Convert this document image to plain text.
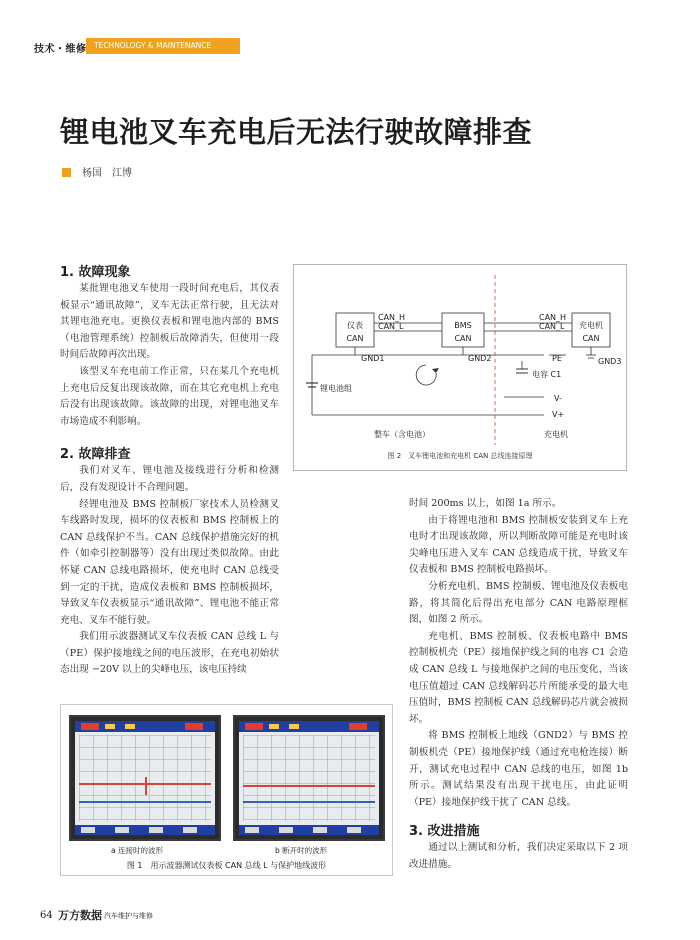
技术・维修	TECHNOLOGY & MAINTENANCE
锂电池叉车充电后无法行驶故障排查
杨国　江博
1. 故障现象

某批锂电池叉车使用一段时间充电后，其仪表板显示“通讯故障”，叉车无法正常行驶，且无法对其锂电池充电。更换仪表板和锂电池内部的 BMS（电池管理系统）控制板后故障消失，但使用一段时间后故障再次出现。

该型叉车充电前工作正常，只在某几个充电机上充电后反复出现该故障，而在其它充电机上充电后没有出现该故障。该故障的出现，对锂电池叉车市场造成不利影响。

2. 故障排查

我们对叉车、锂电池及接线进行分析和检测后，没有发现设计不合理问题。

经锂电池及 BMS 控制板厂家技术人员检测叉车线路时发现，损坏的仪表板和 BMS 控制板上的 CAN 总线保护不当。CAN 总线保护措施完好的机件（如牵引控制器等）没有出现过类似故障。由此怀疑 CAN 总线电路损坏，使充电时 CAN 总线受到一定的干扰，造成仪表板和 BMS 控制板损坏，导致叉车仪表板显示“通讯故障”、锂电池不能正常充电、叉车不能行驶。

我们用示波器测试叉车仪表板 CAN 总线 L 与（PE）保护接地线之间的电压波形，在充电初始状态出现 −20V 以上的尖峰电压，该电压持续

仪表
CAN
BMS
CAN
充电机
CAN
CAN_H
CAN_L
CAN_H
CAN_L
GND1	GND2	GND3
PE
锂电池组
电容 C1
V-
V+
整车（含电池）	充电机
图 2　叉车锂电池和充电机 CAN 总线连接原理

时间 200ms 以上，如图 1a 所示。

由于将锂电池和 BMS 控制板安装到叉车上充电时才出现该故障，所以判断故障可能是充电时该尖峰电压进入叉车 CAN 总线造成干扰，导致叉车仪表板和 BMS 控制板电路损坏。

分析充电机、BMS 控制板、锂电池及仪表板电路，将其简化后得出充电部分 CAN 电路原理框图，如图 2 所示。

充电机、BMS 控制板、仪表板电路中 BMS 控制板机壳（PE）接地保护线之间的电容 C1 会造成 CAN 总线 L 与接地保护之间的电压变化，当该电压值超过 CAN 总线解码芯片所能承受的最大电压值时，BMS 控制板 CAN 总线解码芯片就会被损坏。

将 BMS 控制板上地线（GND2）与 BMS 控制板机壳（PE）接地保护线（通过充电枪连接）断开，测试充电过程中 CAN 总线的电压，如图 1b 所示。测试结果没有出现干扰电压，由此证明（PE）接地保护线干扰了 CAN 总线。

3. 改进措施

通过以上测试和分析，我们决定采取以下 2 项改进措施。

a 连接时的波形	b 断开时的波形
图 1　用示波器测试仪表板 CAN 总线 L 与保护地线波形
64 万方数据 汽车维护与维修
